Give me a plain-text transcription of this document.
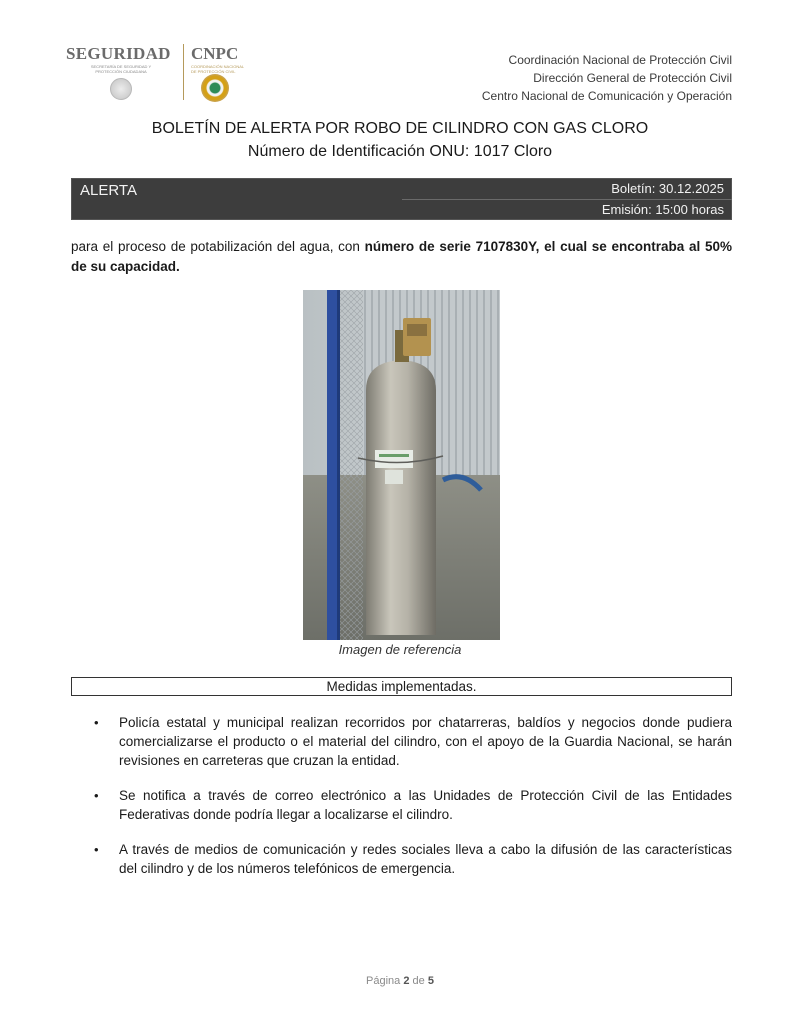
SEGURIDAD
SECRETARÍA DE SEGURIDAD Y PROTECCIÓN CIUDADANA
CNPC
COORDINACIÓN NACIONAL DE PROTECCIÓN CIVIL
Coordinación Nacional de Protección Civil
Dirección General de Protección Civil
Centro Nacional de Comunicación y Operación
BOLETÍN DE ALERTA POR ROBO DE CILINDRO CON GAS CLORO
Número de Identificación ONU: 1017 Cloro
ALERTA	Boletín: 30.12.2025
Emisión: 15:00 horas

para el proceso de potabilización del agua, con número de serie 7107830Y, el cual se encontraba al 50% de su capacidad.

Imagen de referencia
Medidas implementadas.
• Policía estatal y municipal realizan recorridos por chatarreras, baldíos y negocios donde pudiera comercializarse el producto o el material del cilindro, con el apoyo de la Guardia Nacional, se harán revisiones en carreteras que cruzan la entidad.
• Se notifica a través de correo electrónico a las Unidades de Protección Civil de las Entidades Federativas donde podría llegar a localizarse el cilindro.
• A través de medios de comunicación y redes sociales lleva a cabo la difusión de las características del cilindro y de los números telefónicos de emergencia.
Página 2 de 5
